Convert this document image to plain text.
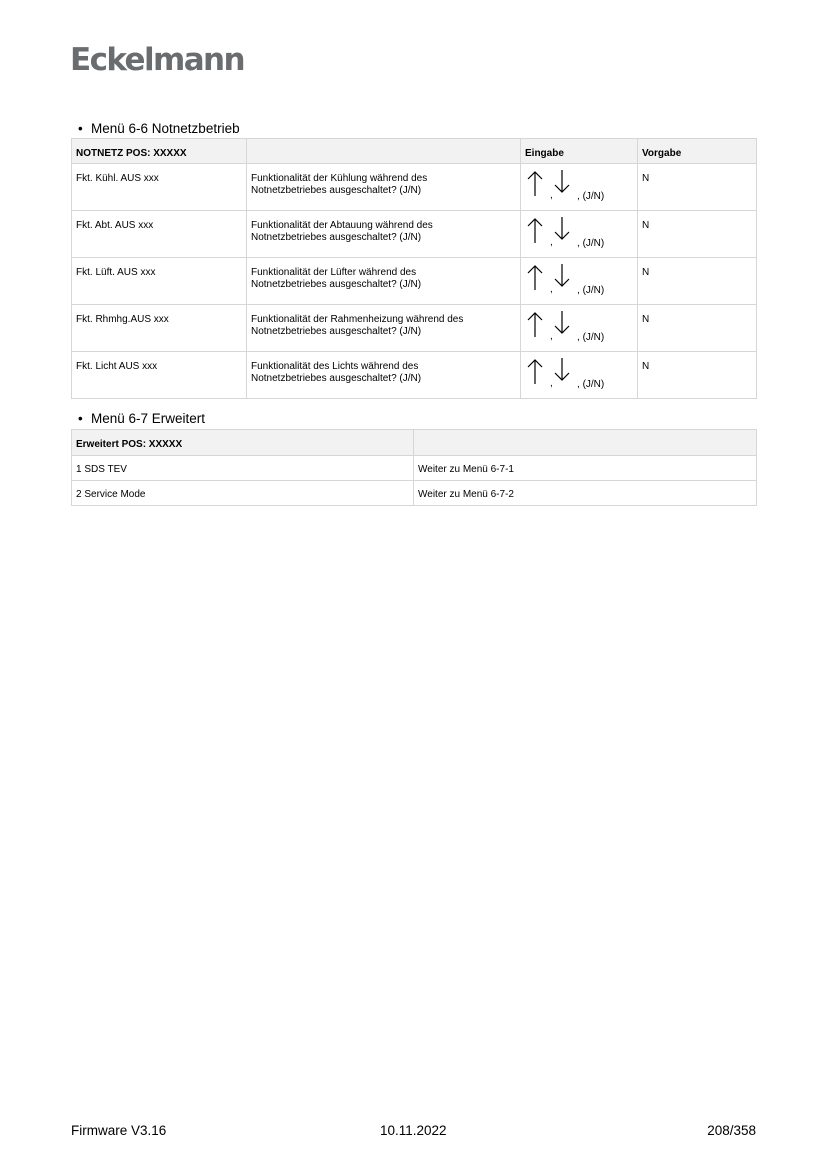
Eckelmann
• Menü 6-6 Notnetzbetrieb
NOTNETZ POS: XXXXX		Eingabe	Vorgabe
Fkt. Kühl. AUS xxx	Funktionalität der Kühlung während des
Notnetzbetriebes ausgeschaltet? (J/N)	, , (J/N)	N
Fkt. Abt. AUS xxx	Funktionalität der Abtauung während des
Notnetzbetriebes ausgeschaltet? (J/N)	, , (J/N)	N
Fkt. Lüft. AUS xxx	Funktionalität der Lüfter während des
Notnetzbetriebes ausgeschaltet? (J/N)	, , (J/N)	N
Fkt. Rhmhg.AUS xxx	Funktionalität der Rahmenheizung während des
Notnetzbetriebes ausgeschaltet? (J/N)	, , (J/N)	N
Fkt. Licht AUS xxx	Funktionalität des Lichts während des
Notnetzbetriebes ausgeschaltet? (J/N)	, , (J/N)	N
• Menü 6-7 Erweitert
Erweitert POS: XXXXX	
1 SDS TEV	Weiter zu Menü 6-7-1
2 Service Mode	Weiter zu Menü 6-7-2
Firmware V3.16	10.11.2022	208/358
